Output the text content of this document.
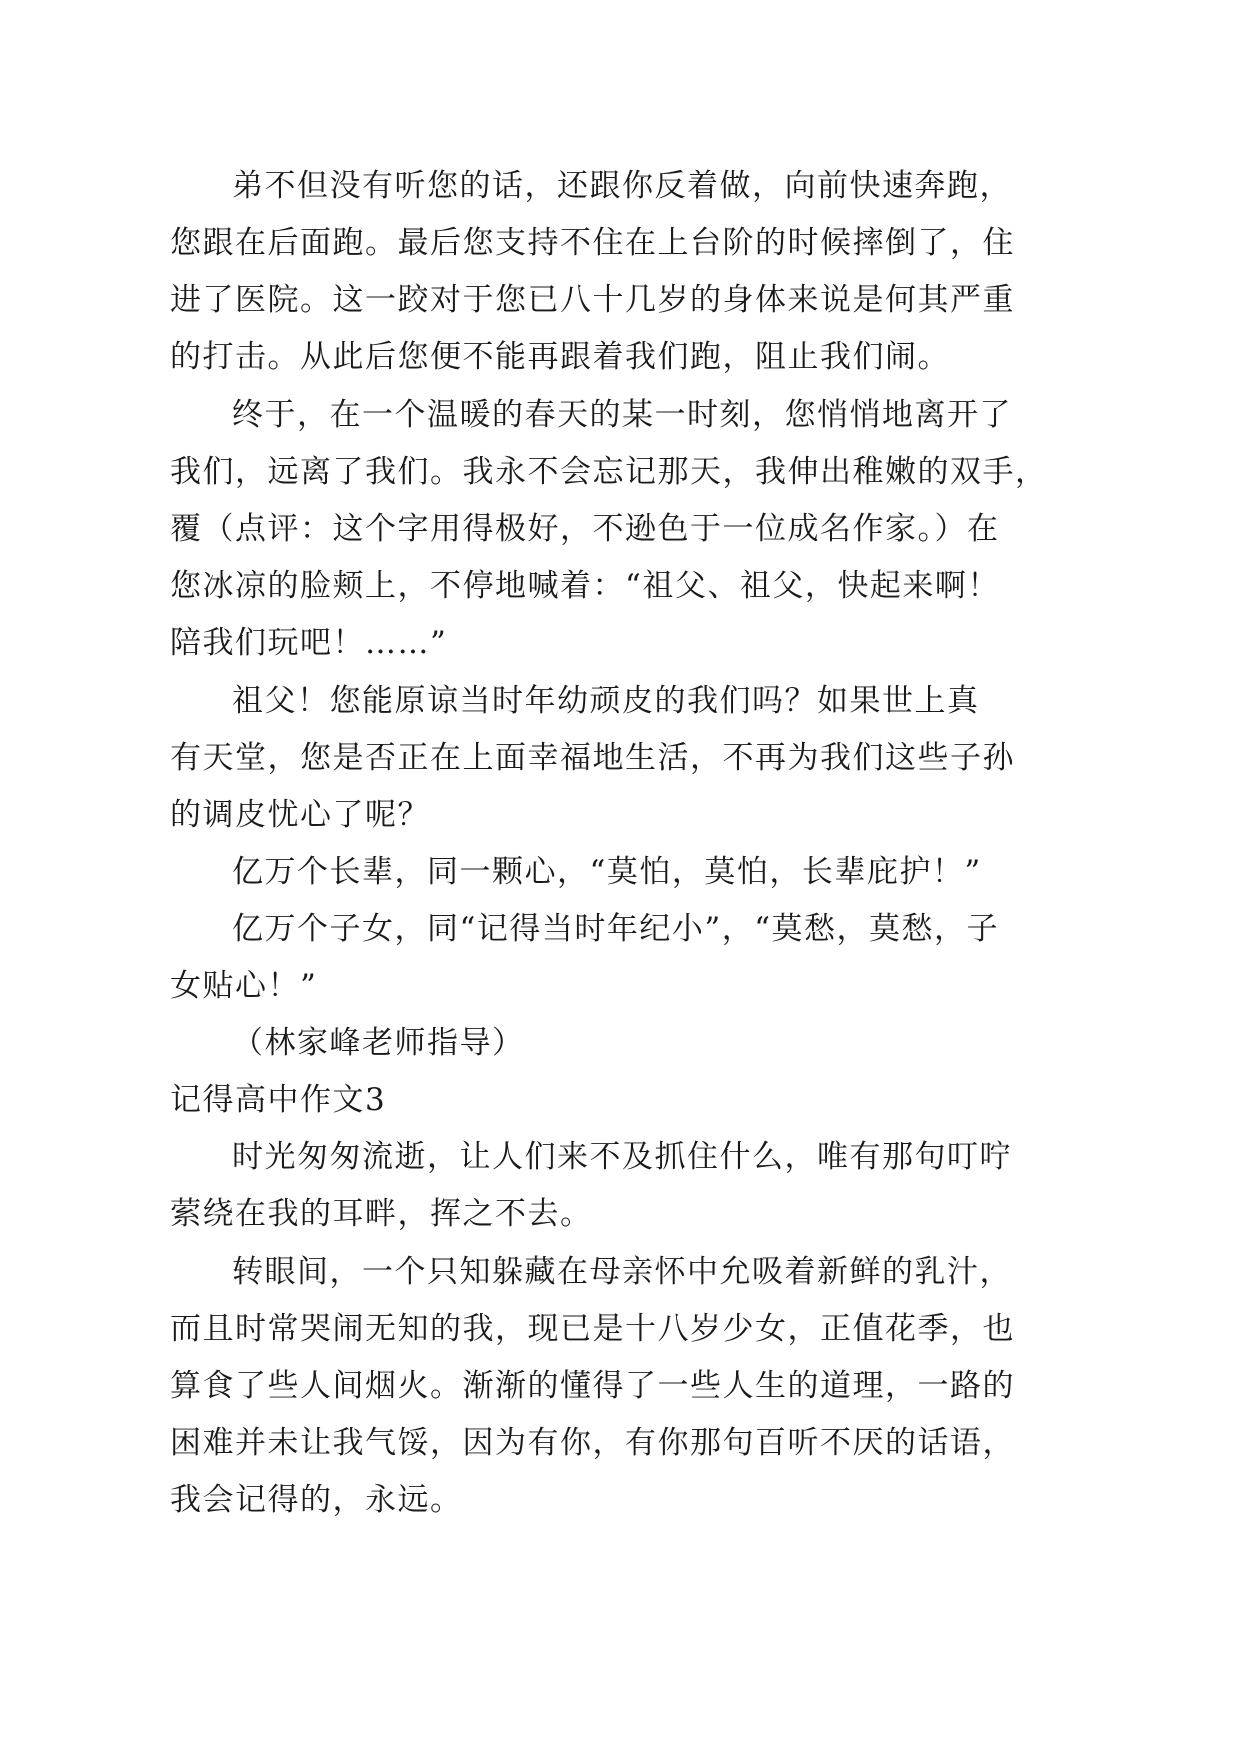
弟不但没有听您的话，还跟你反着做，向前快速奔跑，
您跟在后面跑。最后您支持不住在上台阶的时候摔倒了，住
进了医院。这一跤对于您已八十几岁的身体来说是何其严重
的打击。从此后您便不能再跟着我们跑，阻止我们闹。
终于，在一个温暖的春天的某一时刻，您悄悄地离开了
我们，远离了我们。我永不会忘记那天，我伸出稚嫩的双手，
覆（点评：这个字用得极好，不逊色于一位成名作家。）在
您冰凉的脸颊上，不停地喊着：“祖父、祖父，快起来啊！
陪我们玩吧！……”
祖父！您能原谅当时年幼顽皮的我们吗？如果世上真
有天堂，您是否正在上面幸福地生活，不再为我们这些子孙
的调皮忧心了呢？
亿万个长辈，同一颗心，“莫怕，莫怕，长辈庇护！”
亿万个子女，同“记得当时年纪小”，“莫愁，莫愁，子
女贴心！”
（林家峰老师指导）
记得高中作文3
时光匆匆流逝，让人们来不及抓住什么，唯有那句叮咛
萦绕在我的耳畔，挥之不去。
转眼间，一个只知躲藏在母亲怀中允吸着新鲜的乳汁，
而且时常哭闹无知的我，现已是十八岁少女，正值花季，也
算食了些人间烟火。渐渐的懂得了一些人生的道理，一路的
困难并未让我气馁，因为有你，有你那句百听不厌的话语，
我会记得的，永远。
